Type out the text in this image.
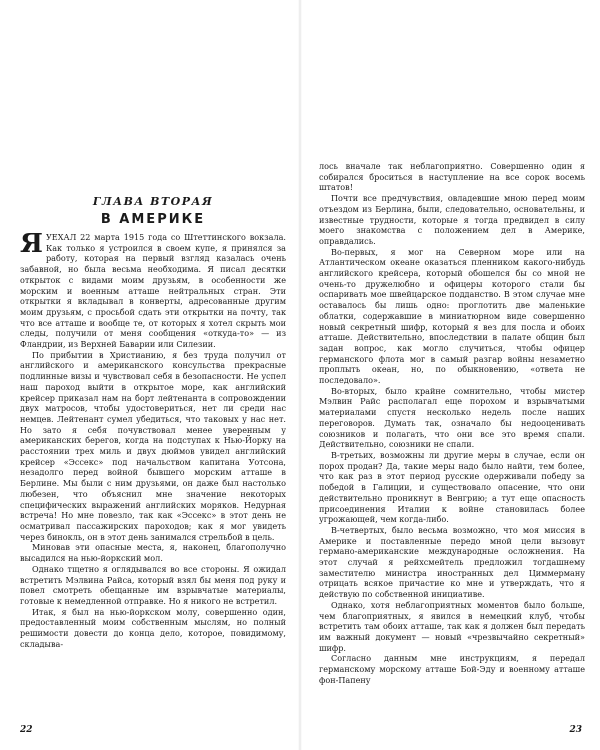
ГЛАВА ВТОРАЯ
В АМЕРИКЕ

ЯУЕХАЛ 22 марта 1915 года со Штеттинского вокзала. Как только я устроился в своем купе, я принялся за работу, которая на первый взгляд казалась очень забавной, но была весьма необходима. Я писал десятки открыток с видами моим друзьям, в особенности же морским и военным атташе нейтральных стран. Эти открытки я вкладывал в конверты, адресованные другим моим друзьям, с просьбой сдать эти открытки на почту, так что все атташе и вообще те, от которых я хотел скрыть мои следы, получили от меня сообщения «откуда-то» — из Фландрии, из Верхней Баварии или Силезии.

По прибытии в Христианию, я без труда получил от английского и американского консульства прекрасные подлинные визы и чувствовал себя в безопасности. Не успел наш пароход выйти в открытое море, как английский крейсер приказал нам на борт лейтенанта в сопровождении двух матросов, чтобы удостовериться, нет ли среди нас немцев. Лейтенант сумел убедиться, что таковых у нас нет. Но зато я себя почувствовал менее уверенным у американских берегов, когда на подступах к Нью-Йорку на расстоянии трех миль и двух дюймов увидел английский крейсер «Эссекс» под начальством капитана Уотсона, незадолго перед войной бывшего морским атташе в Берлине. Мы были с ним друзьями, он даже был настолько любезен, что объяснил мне значение некоторых специфических выражений английских моряков. Недурная встреча! Но мне повезло, так как «Эссекс» в этот день не осматривал пассажирских пароходов; как я мог увидеть через бинокль, он в этот день занимался стрельбой в цель.

Миновав эти опасные места, я, наконец, благополучно высадился на нью-йоркский мол.

Однако тщетно я оглядывался во все стороны. Я ожидал встретить Мэлвина Райса, который взял бы меня под руку и повел смотреть обещанные им взрывчатые материалы, готовые к немедленной отправке. Но я никого не встретил.

Итак, я был на нью-йоркском молу, совершенно один, предоставленный моим собственным мыслям, но полный решимости довести до конца дело, которое, повидимому, складыва-

22

лось вначале так неблагоприятно. Совершенно один я собирался броситься в наступление на все сорок восемь штатов!

Почти все предчувствия, овладевшие мною перед моим отъездом из Берлина, были, следовательно, основательны, и известные трудности, которые я тогда предвидел в силу моего знакомства с положением дел в Америке, оправдались.

Во-первых, я мог на Северном море или на Атлантическом океане оказаться пленником какого-нибудь английского крейсера, который обошелся бы со мной не очень-то дружелюбно и офицеры которого стали бы оспаривать мое швейцарское подданство. В этом случае мне оставалось бы лишь одно: проглотить две маленькие облатки, содержавшие в миниатюрном виде совершенно новый секретный шифр, который я вез для посла и обоих атташе. Действительно, впоследствии в палате общин был задан вопрос, как могло случиться, чтобы офицер германского флота мог в самый разгар войны незаметно проплыть океан, но, по обыкновению, «ответа не последовало».

Во-вторых, было крайне сомнительно, чтобы мистер Мэлвин Райс располагал еще порохом и взрывчатыми материалами спустя несколько недель после наших переговоров. Думать так, означало бы недооценивать союзников и полагать, что они все это время спали. Действительно, союзники не спали.

В-третьих, возможны ли другие меры в случае, если он порох продан? Да, такие меры надо было найти, тем более, что как раз в этот период русские одерживали победу за победой в Галиции, и существовало опасение, что они действительно проникнут в Венгрию; а тут еще опасность присоединения Италии к войне становилась более угрожающей, чем когда-либо.

В-четвертых, было весьма возможно, что моя миссия в Америке и поставленные передо мной цели вызовут германо-американские международные осложнения. На этот случай я рейхсмейтель предложил тогдашнему заместителю министра иностранных дел Циммерману отрицать всякое причастие ко мне и утверждать, что я действую по собственной инициативе.

Однако, хотя неблагоприятных моментов было больше, чем благоприятных, я явился в немецкий клуб, чтобы встретить там обоих атташе, так как я должен был передать им важный документ — новый «чрезвычайно секретный» шифр.

Согласно данным мне инструкциям, я передал германскому морскому атташе Бой-Эду и военному атташе фон-Папену

23
